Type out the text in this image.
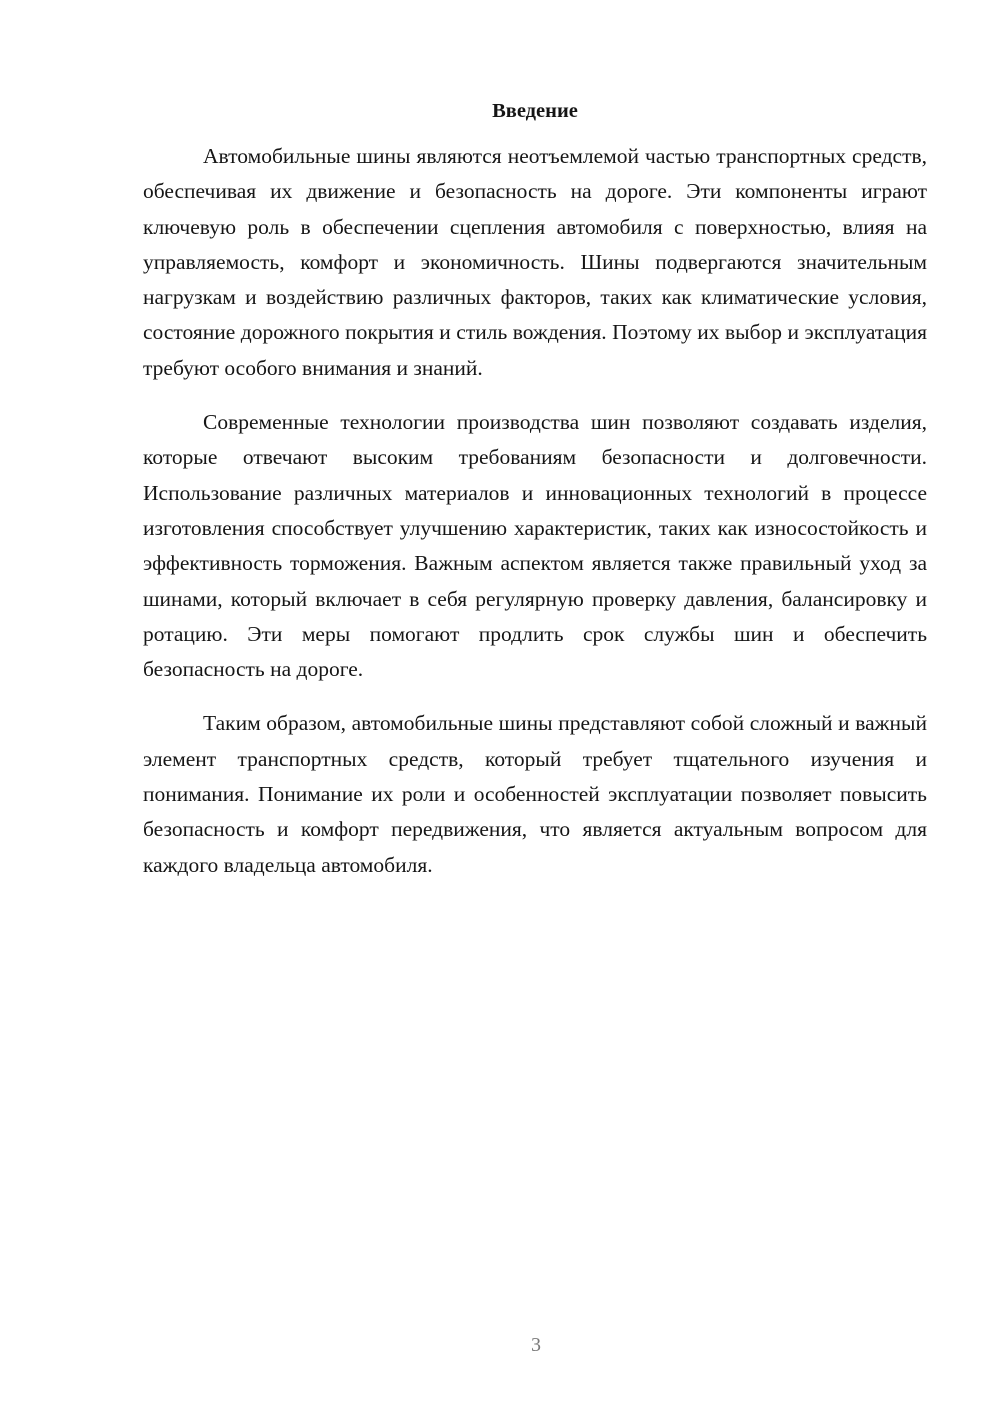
Введение

Автомобильные шины являются неотъемлемой частью транспортных средств, обеспечивая их движение и безопасность на дороге. Эти компоненты играют ключевую роль в обеспечении сцепления автомобиля с поверхностью, влияя на управляемость, комфорт и экономичность. Шины подвергаются значительным нагрузкам и воздействию различных факторов, таких как климатические условия, состояние дорожного покрытия и стиль вождения. Поэтому их выбор и эксплуатация требуют особого внимания и знаний.

Современные технологии производства шин позволяют создавать изделия, которые отвечают высоким требованиям безопасности и долговечности. Использование различных материалов и инновационных технологий в процессе изготовления способствует улучшению характеристик, таких как износостойкость и эффективность торможения. Важным аспектом является также правильный уход за шинами, который включает в себя регулярную проверку давления, балансировку и ротацию. Эти меры помогают продлить срок службы шин и обеспечить безопасность на дороге.

Таким образом, автомобильные шины представляют собой сложный и важный элемент транспортных средств, который требует тщательного изучения и понимания. Понимание их роли и особенностей эксплуатации позволяет повысить безопасность и комфорт передвижения, что является актуальным вопросом для каждого владельца автомобиля.

3
